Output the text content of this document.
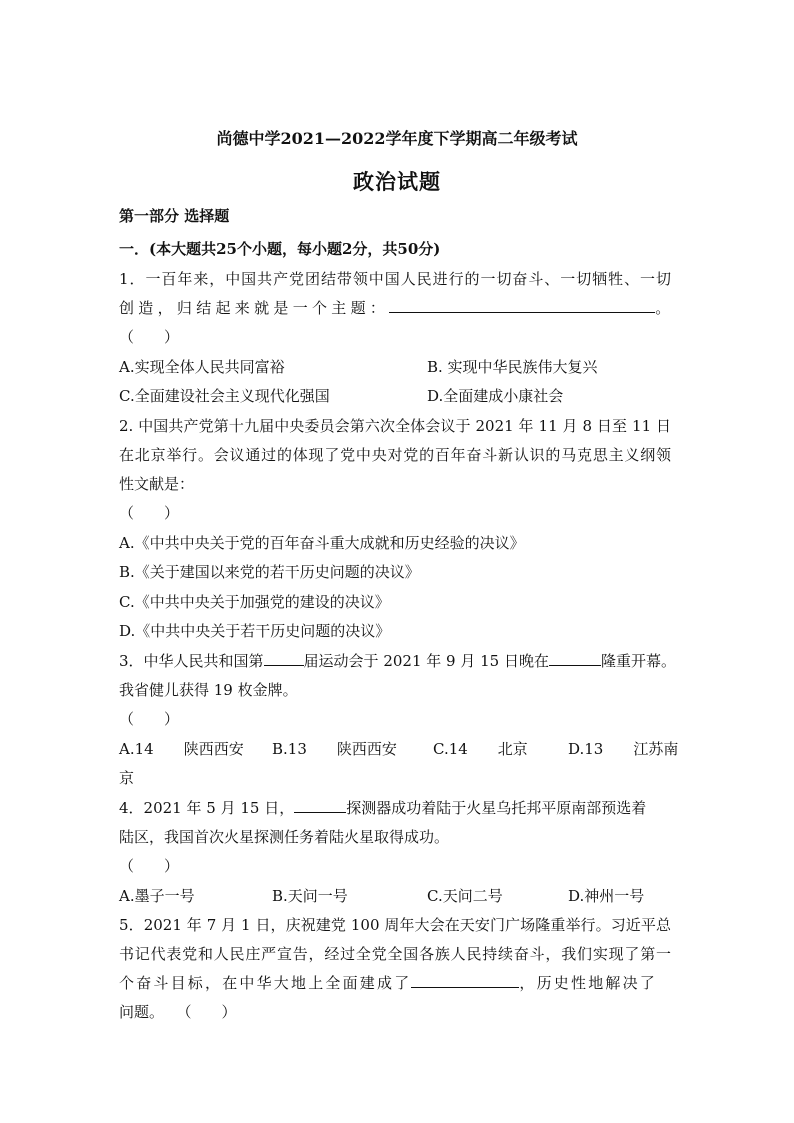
尚德中学2021—2022学年度下学期高二年级考试
政治试题
第一部分 选择题
一．(本大题共25个小题，每小题2分，共50分)
1．一百年来，中国共产党团结带领中国人民进行的一切奋斗、一切牺牲、一切
创造，归结起来就是一个主题：	。
（　　）
A.实现全体人民共同富裕	B. 实现中华民族伟大复兴
C.全面建设社会主义现代化强国	D.全面建成小康社会
2. 中国共产党第十九届中央委员会第六次全体会议于 2021 年 11 月 8 日至 11 日
在北京举行。会议通过的体现了党中央对党的百年奋斗新认识的马克思主义纲领
性文献是：
（　　）
A.《中共中央关于党的百年奋斗重大成就和历史经验的决议》
B.《关于建国以来党的若干历史问题的决议》
C.《中共中央关于加强党的建设的决议》
D.《中共中央关于若干历史问题的决议》
3．中华人民共和国第	届运动会于 2021 年 9 月 15 日晚在	隆重开幕。
我省健儿获得 19 枚金牌。
（　　）
A.14　　陕西西安 B.13　　陕西西安 C.14　　北京	D.13　　江苏南
京
4．2021 年 5 月 15 日，	探测器成功着陆于火星乌托邦平原南部预选着
陆区，我国首次火星探测任务着陆火星取得成功。
（　　）
A.墨子一号	B.天问一号	C.天问二号	D.神州一号
5．2021 年 7 月 1 日，庆祝建党 100 周年大会在天安门广场隆重举行。习近平总
书记代表党和人民庄严宣告，经过全党全国各族人民持续奋斗，我们实现了第一
个奋斗目标，在中华大地上全面建成了	，历史性地解决了
问题。 （　　）
